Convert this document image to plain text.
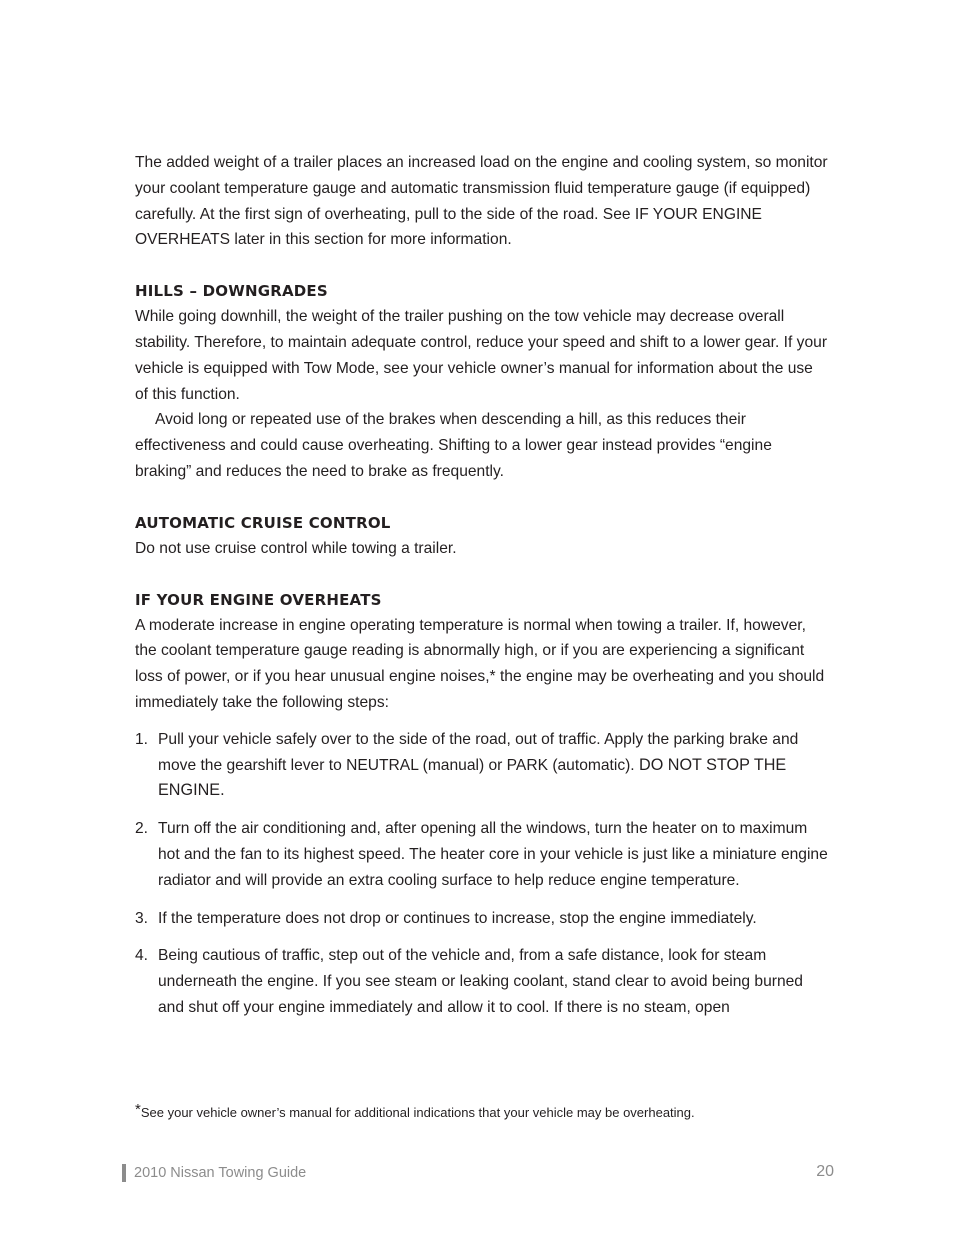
The added weight of a trailer places an increased load on the engine and cooling system, so monitor your coolant temperature gauge and automatic transmission fluid temperature gauge (if equipped) carefully. At the first sign of overheating, pull to the side of the road. See IF YOUR ENGINE OVERHEATS later in this section for more information.

HILLS – DOWNGRADES

While going downhill, the weight of the trailer pushing on the tow vehicle may decrease overall stability. Therefore, to maintain adequate control, reduce your speed and shift to a lower gear. If your vehicle is equipped with Tow Mode, see your vehicle owner’s manual for information about the use of this function.

Avoid long or repeated use of the brakes when descending a hill, as this reduces their effectiveness and could cause overheating. Shifting to a lower gear instead provides “engine braking” and reduces the need to brake as frequently.

AUTOMATIC CRUISE CONTROL

Do not use cruise control while towing a trailer.

IF YOUR ENGINE OVERHEATS

A moderate increase in engine operating temperature is normal when towing a trailer. If, however, the coolant temperature gauge reading is abnormally high, or if you are experiencing a significant loss of power, or if you hear unusual engine noises,* the engine may be overheating and you should immediately take the following steps:

1. Pull your vehicle safely over to the side of the road, out of traffic. Apply the parking brake and move the gearshift lever to NEUTRAL (manual) or PARK (automatic). DO NOT STOP THE ENGINE.
2. Turn off the air conditioning and, after opening all the windows, turn the heater on to maximum hot and the fan to its highest speed. The heater core in your vehicle is just like a miniature engine radiator and will provide an extra cooling surface to help reduce engine temperature.
3. If the temperature does not drop or continues to increase, stop the engine immediately.
4. Being cautious of traffic, step out of the vehicle and, from a safe distance, look for steam underneath the engine. If you see steam or leaking coolant, stand clear to avoid being burned and shut off your engine immediately and allow it to cool. If there is no steam, open
*See your vehicle owner’s manual for additional indications that your vehicle may be overheating.
2010 Nissan Towing Guide	20
